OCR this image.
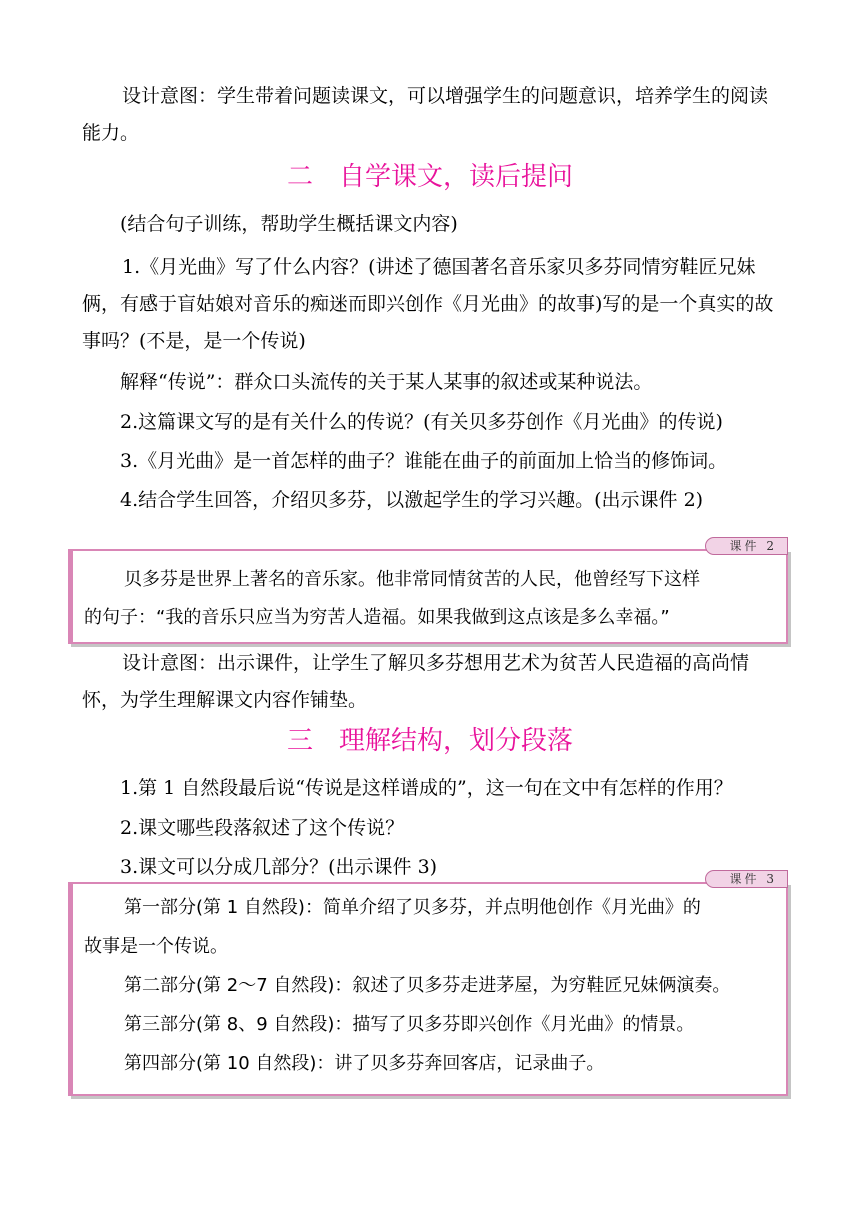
设计意图：学生带着问题读课文，可以增强学生的问题意识，培养学生的阅读能力。
二　自学课文，读后提问
(结合句子训练，帮助学生概括课文内容)
1.《月光曲》写了什么内容？(讲述了德国著名音乐家贝多芬同情穷鞋匠兄妹俩，有感于盲姑娘对音乐的痴迷而即兴创作《月光曲》的故事)写的是一个真实的故事吗？(不是，是一个传说)
解释“传说”：群众口头流传的关于某人某事的叙述或某种说法。
2.这篇课文写的是有关什么的传说？(有关贝多芬创作《月光曲》的传说)
3.《月光曲》是一首怎样的曲子？谁能在曲子的前面加上恰当的修饰词。
4.结合学生回答，介绍贝多芬，以激起学生的学习兴趣。(出示课件 2)
课件 2
贝多芬是世界上著名的音乐家。他非常同情贫苦的人民，他曾经写下这样
的句子：“我的音乐只应当为穷苦人造福。如果我做到这点该是多么幸福。”
设计意图：出示课件，让学生了解贝多芬想用艺术为贫苦人民造福的高尚情怀，为学生理解课文内容作铺垫。
三　理解结构，划分段落
1.第 1 自然段最后说“传说是这样谱成的”，这一句在文中有怎样的作用？
2.课文哪些段落叙述了这个传说？
3.课文可以分成几部分？(出示课件 3)
课件 3
第一部分(第 1 自然段)：简单介绍了贝多芬，并点明他创作《月光曲》的
故事是一个传说。
第二部分(第 2～7 自然段)：叙述了贝多芬走进茅屋，为穷鞋匠兄妹俩演奏。
第三部分(第 8、9 自然段)：描写了贝多芬即兴创作《月光曲》的情景。
第四部分(第 10 自然段)：讲了贝多芬奔回客店，记录曲子。
